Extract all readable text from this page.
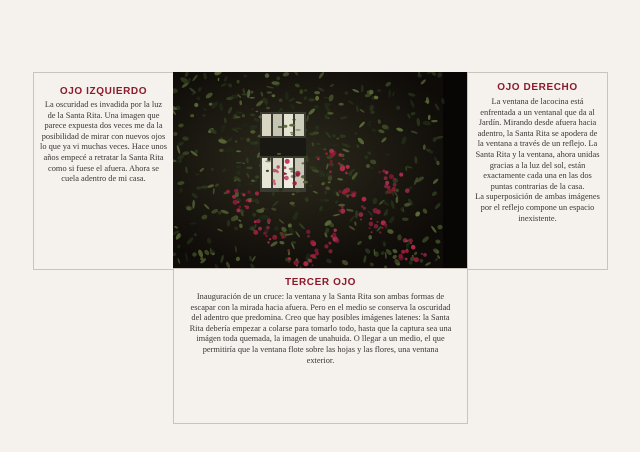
OJO IZQUIERDO

La oscuridad es invadida por la luz de la Santa Rita. Una imagen que parece expuesta dos veces me da la posibilidad de mirar con nuevos ojos lo que ya vi muchas veces. Hace unos años empecé a retratar la Santa Rita como si fuese el afuera. Ahora se cuela adentro de mi casa.

OJO DERECHO

La ventana de lacocina está enfrentada a un ventanal que da al Jardín. Mirando desde afuera hacia adentro, la Santa Rita se apodera de la ventana a través de un reflejo. La Santa Rita y la ventana, ahora unidas gracias a la luz del sol, están exactamente cada una en las dos puntas contrarias de la casa.
La superposición de ambas imágenes por el reflejo compone un espacio inexistente.

TERCER OJO

Inauguración de un cruce: la ventana y la Santa Rita son ambas formas de escapar con la mirada hacia afuera. Pero en el medio se conserva la oscuridad del adentro que predomina. Creo que hay posibles imágenes latenes: la Santa Rita debería empezar a colarse para tomarlo todo, hasta que la captura sea una imágen toda quemada, la imagen de unahuida. O llegar a un medio, el que permitiría que la ventana flote sobre las hojas y las flores, una ventana exterior.
